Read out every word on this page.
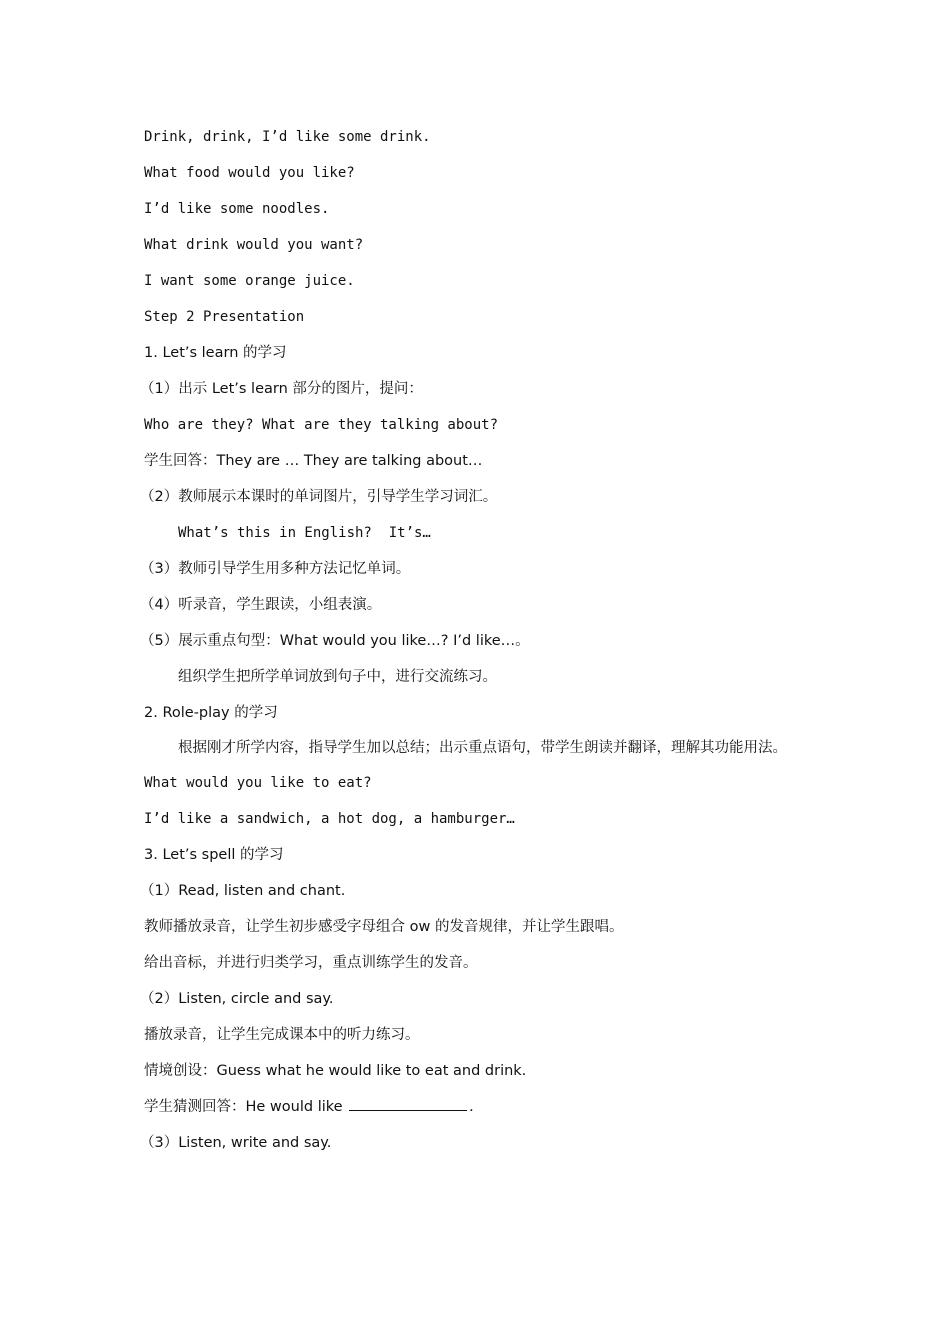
Drink, drink, I’d like some drink.
What food would you like?
I’d like some noodles.
What drink would you want?
I want some orange juice.
Step 2 Presentation
1. Let’s learn 的学习
（1）出示 Let’s learn 部分的图片，提问：
Who are they? What are they talking about?
学生回答：They are … They are talking about…
（2）教师展示本课时的单词图片，引导学生学习词汇。
What’s this in English?  It’s…
（3）教师引导学生用多种方法记忆单词。
（4）听录音，学生跟读，小组表演。
（5）展示重点句型：What would you like…? I’d like…。
组织学生把所学单词放到句子中，进行交流练习。
2. Role-play 的学习
根据刚才所学内容，指导学生加以总结；出示重点语句，带学生朗读并翻译，理解其功能用法。
What would you like to eat?
I’d like a sandwich, a hot dog, a hamburger…
3. Let’s spell 的学习
（1）Read, listen and chant.
教师播放录音，让学生初步感受字母组合 ow 的发音规律，并让学生跟唱。
给出音标，并进行归类学习，重点训练学生的发音。
（2）Listen, circle and say.
播放录音，让学生完成课本中的听力练习。
情境创设：Guess what he would like to eat and drink.
学生猜测回答：He would like	.
（3）Listen, write and say.
